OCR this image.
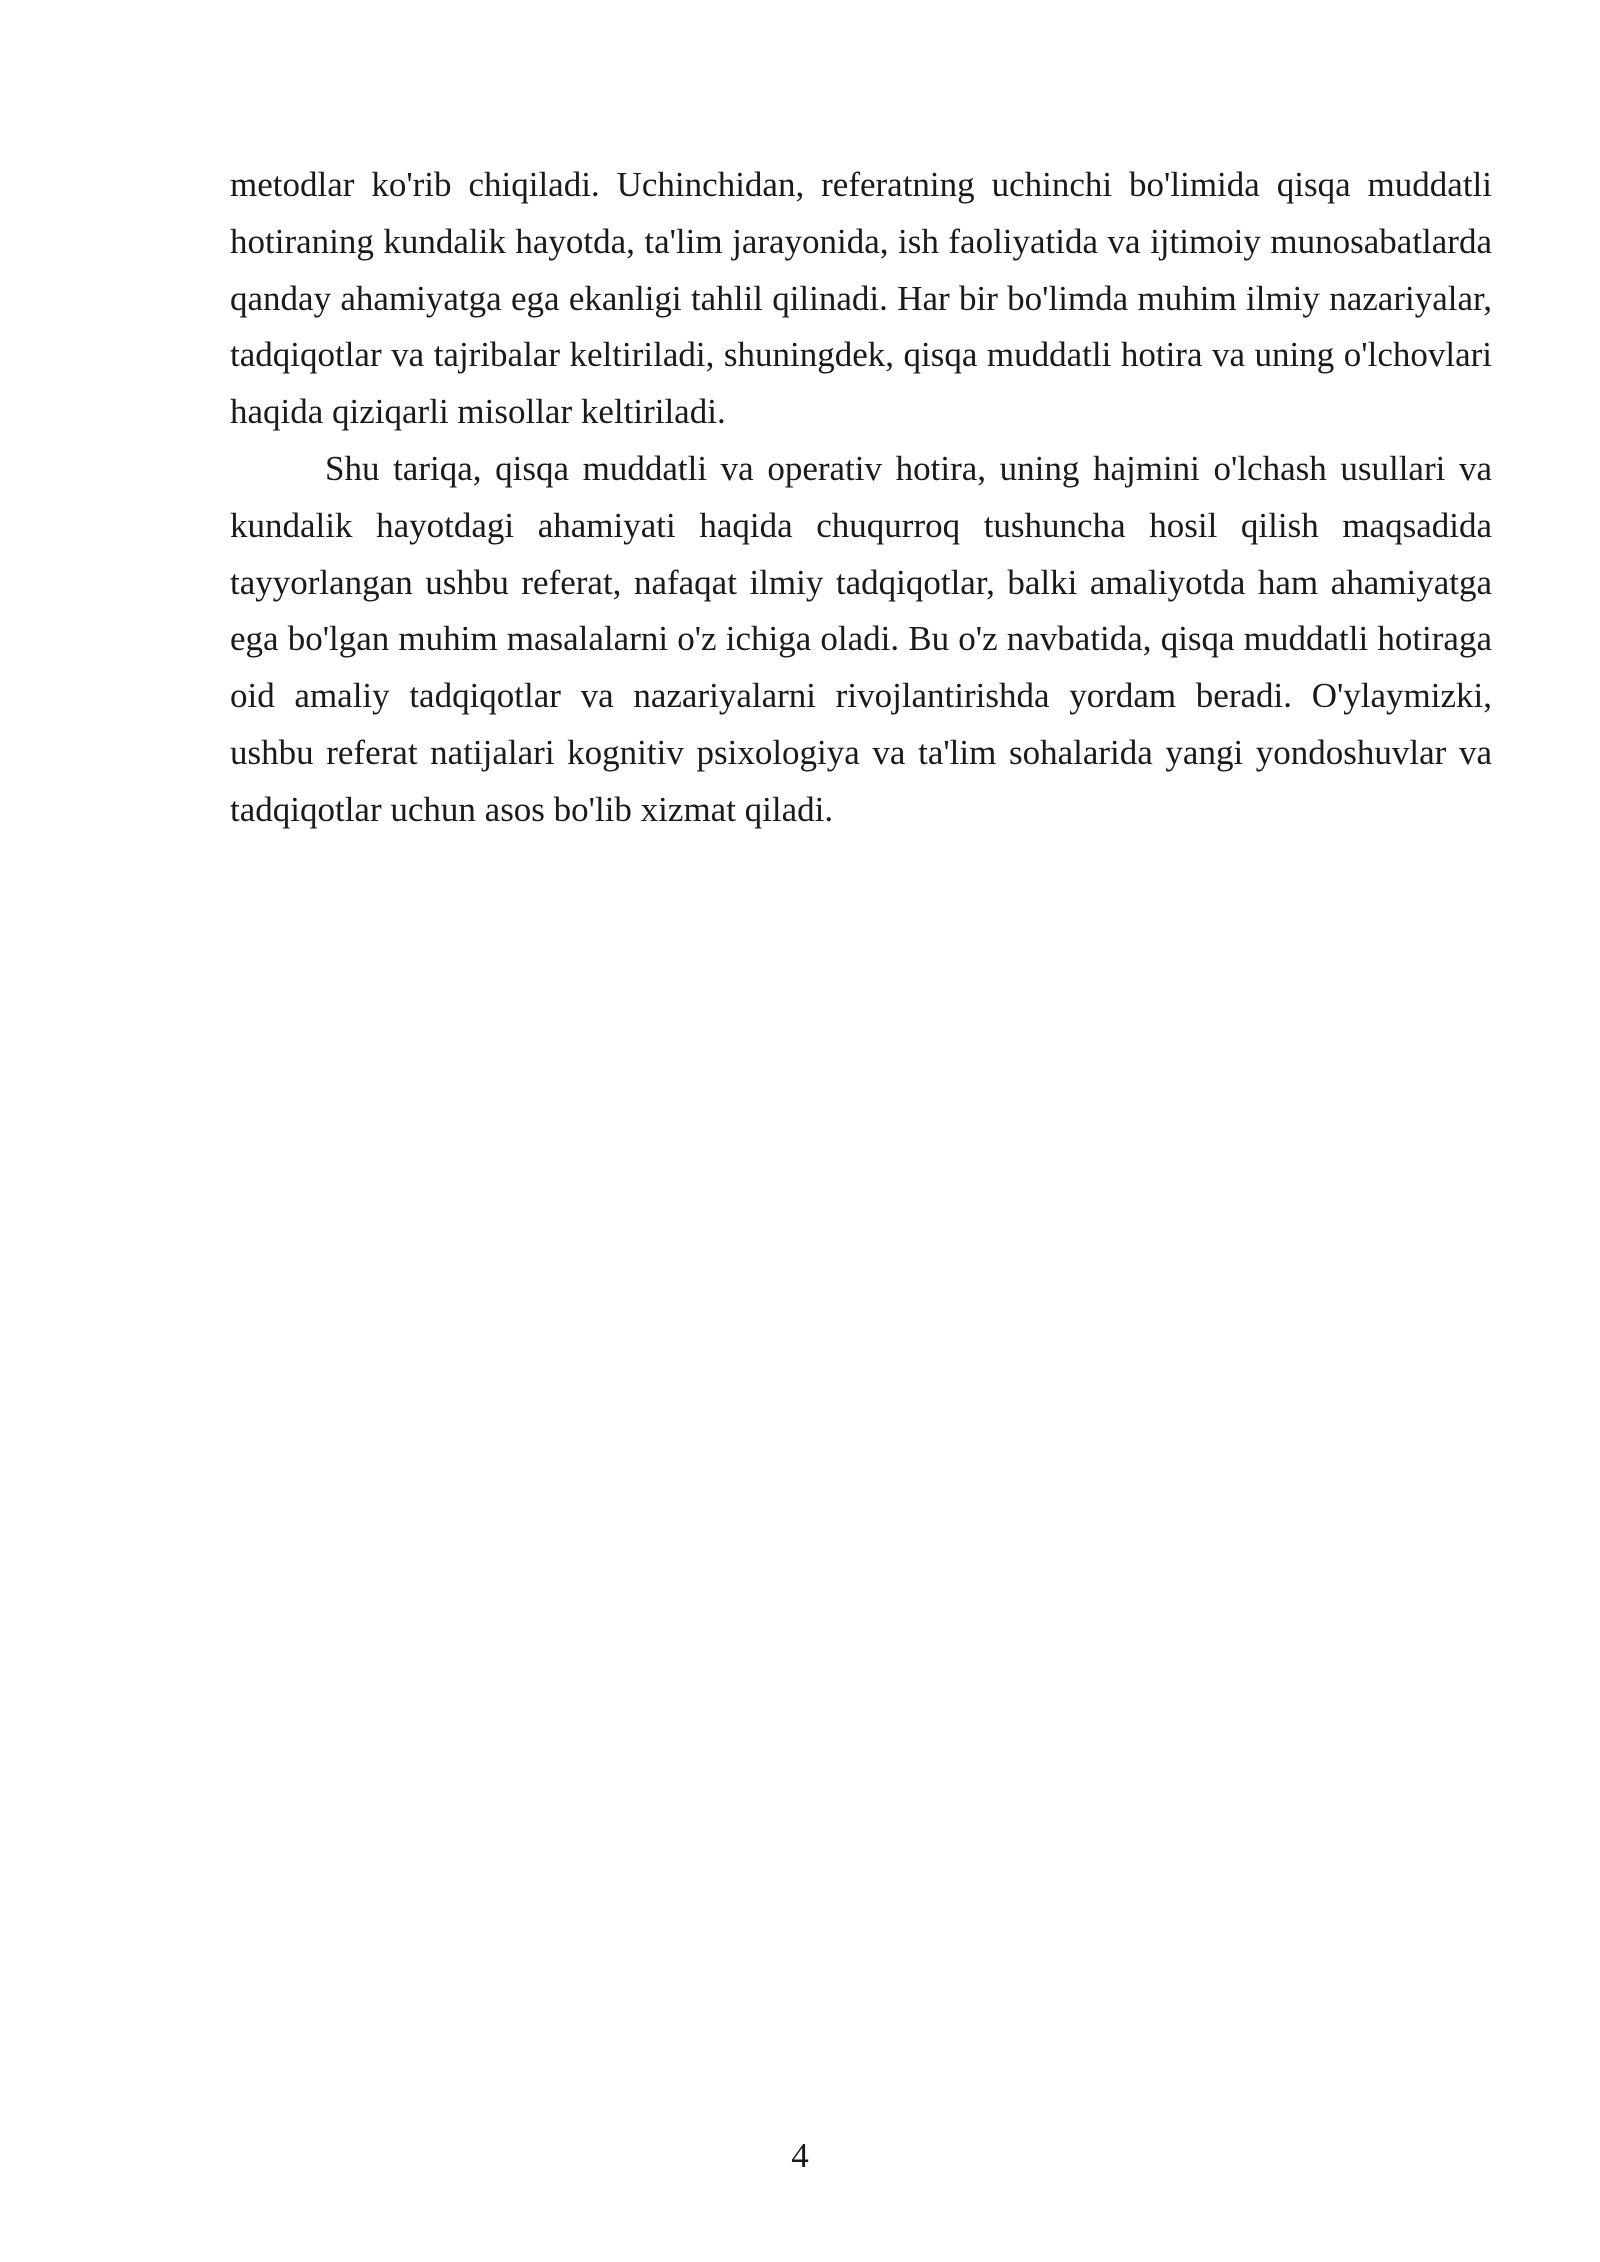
metodlar ko'rib chiqiladi. Uchinchidan, referatning uchinchi bo'limida qisqa muddatli hotiraning kundalik hayotda, ta'lim jarayonida, ish faoliyatida va ijtimoiy munosabatlarda qanday ahamiyatga ega ekanligi tahlil qilinadi. Har bir bo'limda muhim ilmiy nazariyalar, tadqiqotlar va tajribalar keltiriladi, shuningdek, qisqa muddatli hotira va uning o'lchovlari haqida qiziqarli misollar keltiriladi.

Shu tariqa, qisqa muddatli va operativ hotira, uning hajmini o'lchash usullari va kundalik hayotdagi ahamiyati haqida chuqurroq tushuncha hosil qilish maqsadida tayyorlangan ushbu referat, nafaqat ilmiy tadqiqotlar, balki amaliyotda ham ahamiyatga ega bo'lgan muhim masalalarni o'z ichiga oladi. Bu o'z navbatida, qisqa muddatli hotiraga oid amaliy tadqiqotlar va nazariyalarni rivojlantirishda yordam beradi. O'ylaymizki, ushbu referat natijalari kognitiv psixologiya va ta'lim sohalarida yangi yondoshuvlar va tadqiqotlar uchun asos bo'lib xizmat qiladi.

4
